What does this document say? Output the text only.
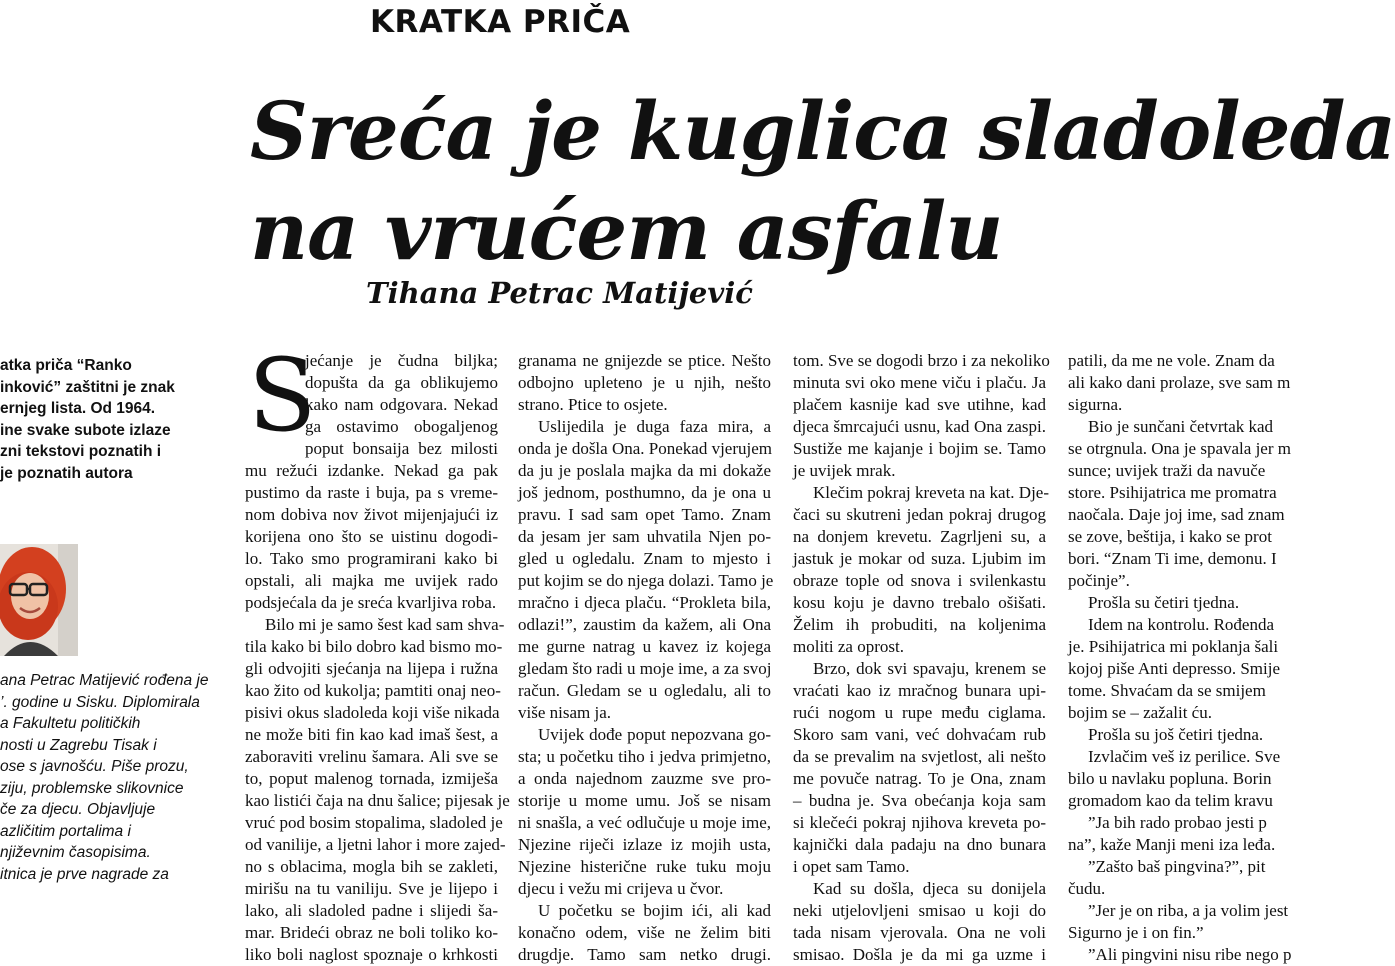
KRATKA PRIČA
Sreća je kuglica sladoleda
na vrućem asfalu
Tihana Petrac Matijević

atka priča “Ranko

inković” zaštitni je znak

ernjeg lista. Od 1964.

ine svake subote izlaze

zni tekstovi poznatih i

je poznatih autora

ana Petrac Matijević rođena je

’. godine u Sisku. Diplomirala

a Fakultetu političkih

nosti u Zagrebu Tisak i

ose s javnošću. Piše prozu,

ziju, problemske slikovnice

če za djecu. Objavljuje

azličitim portalima i

njiževnim časopisima.

itnica je prve nagrade za

S

jećanje je čudna biljka;

dopušta da ga oblikujemo

kako nam odgovara. Nekad

ga ostavimo obogaljenog

poput bonsaija bez milosti

mu režući izdanke. Nekad ga pak

pustimo da raste i buja, pa s vreme-

nom dobiva nov život mijenjajući iz

korijena ono što se uistinu dogodi-

lo. Tako smo programirani kako bi

opstali, ali majka me uvijek rado

podsjećala da je sreća kvarljiva roba.

Bilo mi je samo šest kad sam shva-

tila kako bi bilo dobro kad bismo mo-

gli odvojiti sjećanja na lijepa i ružna

kao žito od kukolja; pamtiti onaj neo-

pisivi okus sladoleda koji više nikada

ne može biti fin kao kad imaš šest, a

zaboraviti vrelinu šamara. Ali sve se

to, poput malenog tornada, izmiješa

kao listići čaja na dnu šalice; pijesak je

vruć pod bosim stopalima, sladoled je

od vanilije, a ljetni lahor i more zajed-

no s oblacima, mogla bih se zakleti,

mirišu na tu vaniliju. Sve je lijepo i

lako, ali sladoled padne i slijedi ša-

mar. Brideći obraz ne boli toliko ko-

liko boli naglost spoznaje o krhkosti

granama ne gnijezde se ptice. Nešto

odbojno upleteno je u njih, nešto

strano. Ptice to osjete.

Uslijedila je duga faza mira, a

onda je došla Ona. Ponekad vjerujem

da ju je poslala majka da mi dokaže

još jednom, posthumno, da je ona u

pravu. I sad sam opet Tamo. Znam

da jesam jer sam uhvatila Njen po-

gled u ogledalu. Znam to mjesto i

put kojim se do njega dolazi. Tamo je

mračno i djeca plaču. “Prokleta bila,

odlazi!”, zaustim da kažem, ali Ona

me gurne natrag u kavez iz kojega

gledam što radi u moje ime, a za svoj

račun. Gledam se u ogledalu, ali to

više nisam ja.

Uvijek dođe poput nepozvana go-

sta; u početku tiho i jedva primjetno,

a onda najednom zauzme sve pro-

storije u mome umu. Još se nisam

ni snašla, a već odlučuje u moje ime,

Njezine riječi izlaze iz mojih usta,

Njezine histerične ruke tuku moju

djecu i vežu mi crijeva u čvor.

U početku se bojim ići, ali kad

konačno odem, više ne želim biti

drugdje. Tamo sam netko drugi.

tom. Sve se dogodi brzo i za nekoliko

minuta svi oko mene viču i plaču. Ja

plačem kasnije kad sve utihne, kad

djeca šmrcajući usnu, kad Ona zaspi.

Sustiže me kajanje i bojim se. Tamo

je uvijek mrak.

Klečim pokraj kreveta na kat. Dje-

čaci su skutreni jedan pokraj drugog

na donjem krevetu. Zagrljeni su, a

jastuk je mokar od suza. Ljubim im

obraze tople od snova i svilenkastu

kosu koju je davno trebalo ošišati.

Želim ih probuditi, na koljenima

moliti za oprost.

Brzo, dok svi spavaju, krenem se

vraćati kao iz mračnog bunara upi-

rući nogom u rupe među ciglama.

Skoro sam vani, već dohvaćam rub

da se prevalim na svjetlost, ali nešto

me povuče natrag. To je Ona, znam

– budna je. Sva obećanja koja sam

si klečeći pokraj njihova kreveta po-

kajnički dala padaju na dno bunara

i opet sam Tamo.

Kad su došla, djeca su donijela

neki utjelovljeni smisao u koji do

tada nisam vjerovala. Ona ne voli

smisao. Došla je da mi ga uzme i

patili, da me ne vole. Znam da

ali kako dani prolaze, sve sam m

sigurna.

Bio je sunčani četvrtak kad

se otrgnula. Ona je spavala jer m

sunce; uvijek traži da navuče

store. Psihijatrica me promatra

naočala. Daje joj ime, sad znam

se zove, beštija, i kako se prot

bori. “Znam Ti ime, demonu. I

počinje”.

Prošla su četiri tjedna.

Idem na kontrolu. Rođenda

je. Psihijatrica mi poklanja šali

kojoj piše Anti depresso. Smije

tome. Shvaćam da se smijem

bojim se – zažalit ću.

Prošla su još četiri tjedna.

Izvlačim veš iz perilice. Sve

bilo u navlaku popluna. Borin

gromadom kao da telim kravu

”Ja bih rado probao jesti p

na”, kaže Manji meni iza leđa.

”Zašto baš pingvina?”, pit

čudu.

”Jer je on riba, a ja volim jest

Sigurno je i on fin.”

”Ali pingvini nisu ribe nego p
